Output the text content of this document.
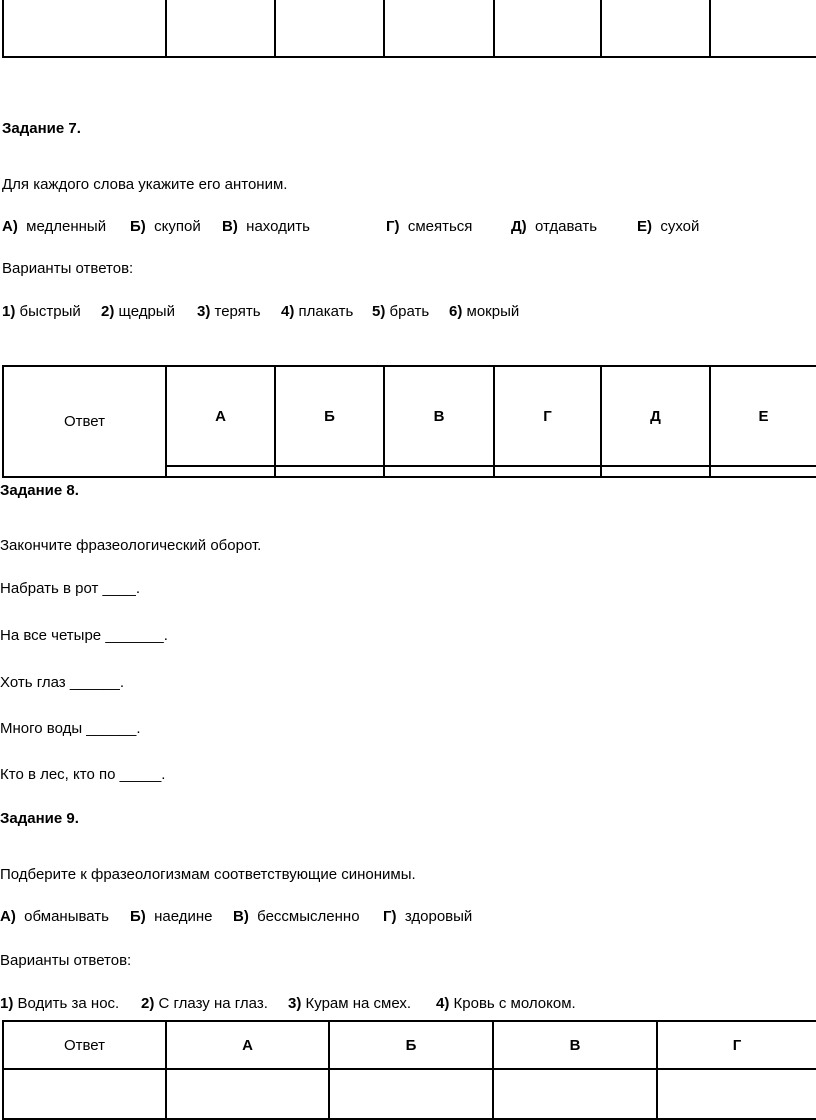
Задание 7.
Для каждого слова укажите его антоним.
А) медленный Б) скупой В) находить	Г) смеяться	Д) отдавать	Е) сухой
Варианты ответов:
1) быстрый 2) щедрый 3) терять 4) плакать 5) брать 6) мокрый
Ответ	А	Б	В	Г	Д	Е

Задание 8.
Закончите фразеологический оборот.
Набрать в рот ____.
На все четыре _______.
Хоть глаз ______.
Много воды ______.
Кто в лес, кто по _____.
Задание 9.
Подберите к фразеологизмам соответствующие синонимы.
А) обманывать Б) наедине В) бессмысленно Г) здоровый
Варианты ответов:
1) Водить за нос. 2) С глазу на глаз. 3) Курам на смех. 4) Кровь с молоком.
Ответ	А	Б	В	Г
